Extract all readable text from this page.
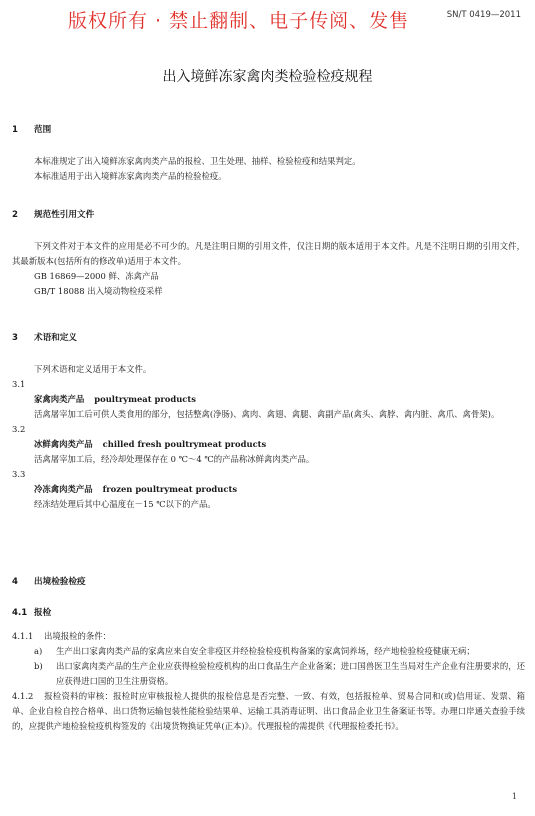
版权所有 · 禁止翻制、电子传阅、发售	SN/T 0419—2011
出入境鲜冻家禽肉类检验检疫规程
1 范围
本标准规定了出入境鲜冻家禽肉类产品的报检、卫生处理、抽样、检验检疫和结果判定。
本标准适用于出入境鲜冻家禽肉类产品的检验检疫。
2 规范性引用文件
下列文件对于本文件的应用是必不可少的。凡是注明日期的引用文件，仅注日期的版本适用于本文件。凡是不注明日期的引用文件，其最新版本(包括所有的修改单)适用于本文件。
GB 16869—2000 鲜、冻禽产品
GB/T 18088 出入境动物检疫采样
3 术语和定义
下列术语和定义适用于本文件。
3.1
家禽肉类产品 poultrymeat products
活禽屠宰加工后可供人类食用的部分，包括整禽(净肠)、禽肉、禽翅、禽腿、禽副产品(禽头、禽脖、禽内脏、禽爪、禽骨架)。
3.2
冰鲜禽肉类产品 chilled fresh poultrymeat products
活禽屠宰加工后，经冷却处理保存在 0 ℃～4 ℃的产品称冰鲜禽肉类产品。
3.3
冷冻禽肉类产品 frozen poultrymeat products
经冻结处理后其中心温度在－15 ℃以下的产品。
4 出境检验检疫
4.1 报检
4.1.1 出境报检的条件：
a)	生产出口家禽肉类产品的家禽应来自安全非疫区并经检验检疫机构备案的家禽饲养场，经产地检验检疫健康无病；
b)	出口家禽肉类产品的生产企业应获得检验检疫机构的出口食品生产企业备案；进口国兽医卫生当局对生产企业有注册要求的，还应获得进口国的卫生注册资格。
4.1.2 报检资料的审核：报检时应审核报检人提供的报检信息是否完整、一致、有效，包括报检单、贸易合同和(或)信用证、发票、箱单、企业自检自控合格单、出口货物运输包装性能检验结果单、运输工具消毒证明、出口食品企业卫生备案证书等。办理口岸通关查验手续的，应提供产地检验检疫机构签发的《出境货物换证凭单(正本)》。代理报检的需提供《代理报检委托书》。
1
